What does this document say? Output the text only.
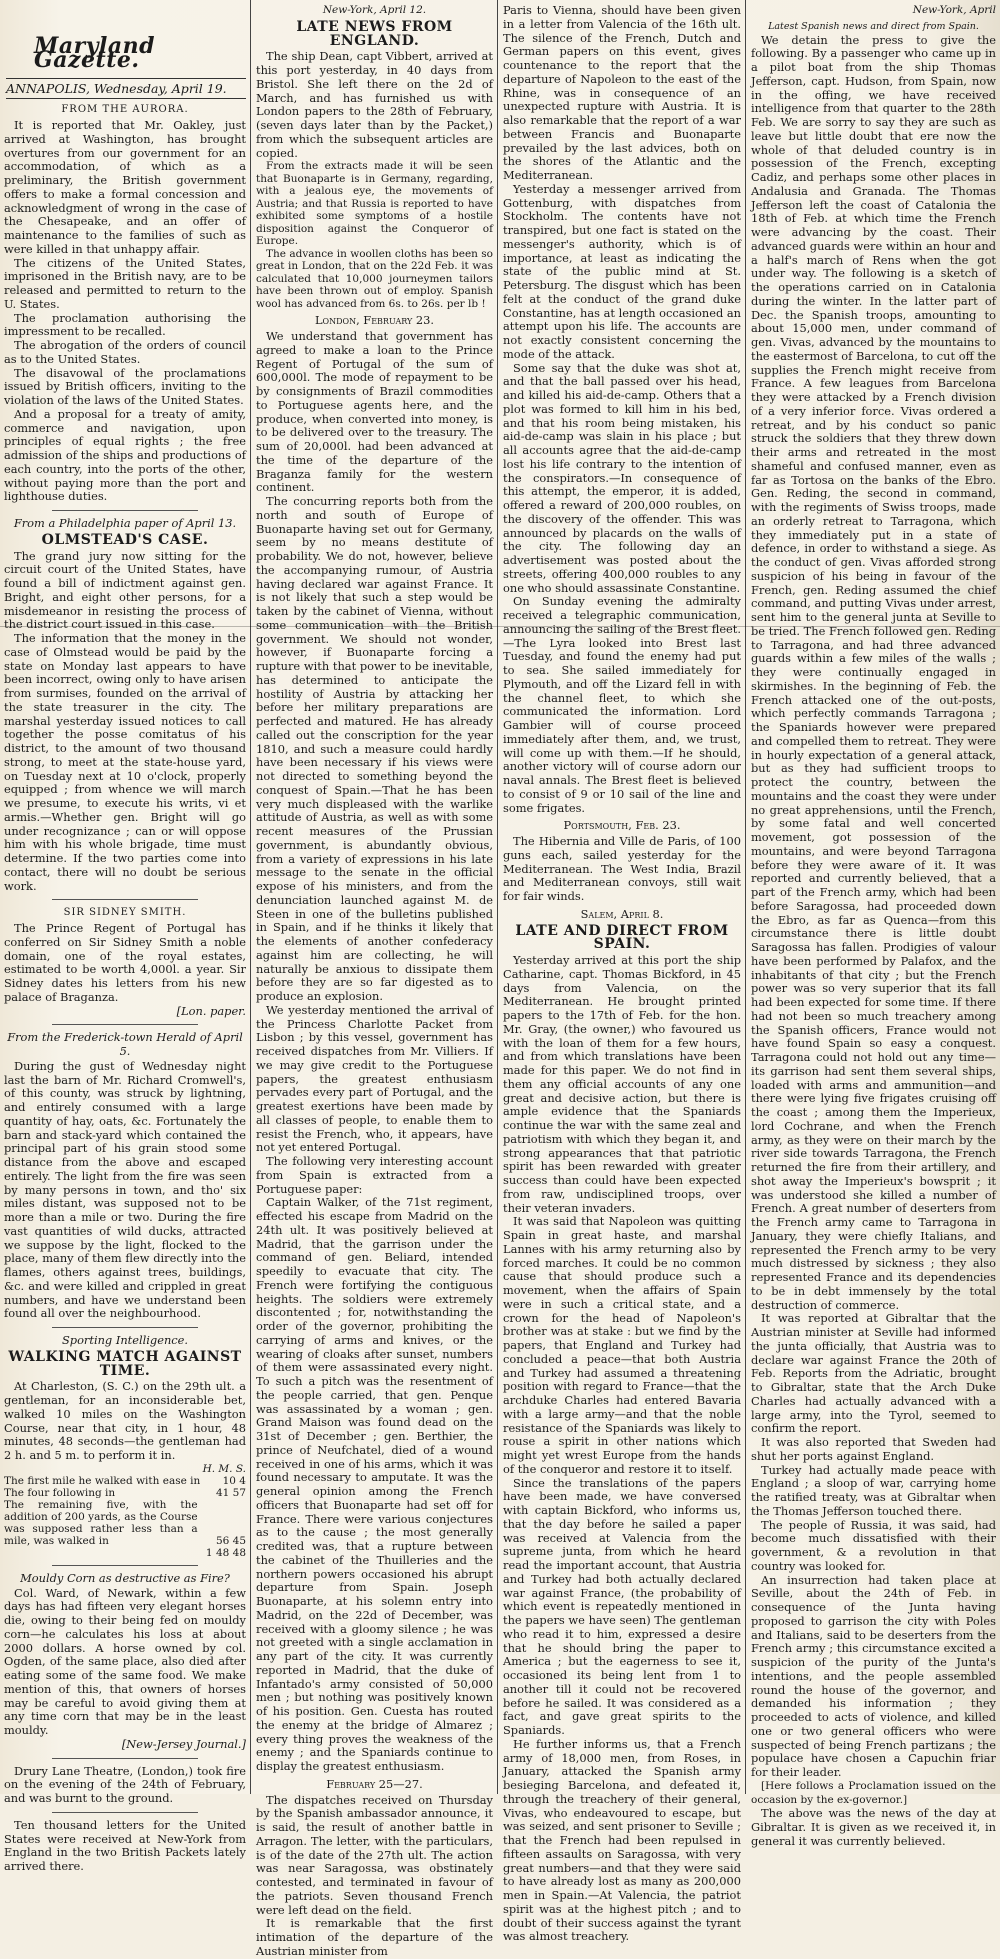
Maryland Gazette.
ANNAPOLIS, Wednesday, April 19.
FROM THE AURORA.

It is reported that Mr. Oakley, just arrived at Washington, has brought overtures from our government for an accommodation, of which as a preliminary, the British government offers to make a formal concession and acknowledgment of wrong in the case of the Chesapeake, and an offer of maintenance to the families of such as were killed in that unhappy affair.

The citizens of the United States, imprisoned in the British navy, are to be released and permitted to return to the U. States.

The proclamation authorising the impressment to be recalled.

The abrogation of the orders of council as to the United States.

The disavowal of the proclamations issued by British officers, inviting to the violation of the laws of the United States.

And a proposal for a treaty of amity, commerce and navigation, upon principles of equal rights ; the free admission of the ships and productions of each country, into the ports of the other, without paying more than the port and lighthouse duties.

From a Philadelphia paper of April 13.
OLMSTEAD'S CASE.

The grand jury now sitting for the circuit court of the United States, have found a bill of indictment against gen. Bright, and eight other persons, for a misdemeanor in resisting the process of the district court issued in this case.

The information that the money in the case of Olmstead would be paid by the state on Monday last appears to have been incorrect, owing only to have arisen from surmises, founded on the arrival of the state treasurer in the city. The marshal yesterday issued notices to call together the posse comitatus of his district, to the amount of two thousand strong, to meet at the state-house yard, on Tuesday next at 10 o'clock, properly equipped ; from whence we will march we presume, to execute his writs, vi et armis.—Whether gen. Bright will go under recognizance ; can or will oppose him with his whole brigade, time must determine. If the two parties come into contact, there will no doubt be serious work.

SIR SIDNEY SMITH.

The Prince Regent of Portugal has conferred on Sir Sidney Smith a noble domain, one of the royal estates, estimated to be worth 4,000l. a year. Sir Sidney dates his letters from his new palace of Braganza.

[Lon. paper.
From the Frederick-town Herald of April 5.

During the gust of Wednesday night last the barn of Mr. Richard Cromwell's, of this county, was struck by lightning, and entirely consumed with a large quantity of hay, oats, &c. Fortunately the barn and stack-yard which contained the principal part of his grain stood some distance from the above and escaped entirely. The light from the fire was seen by many persons in town, and tho' six miles distant, was supposed not to be more than a mile or two. During the fire vast quantities of wild ducks, attracted we suppose by the light, flocked to the place, many of them flew directly into the flames, others against trees, buildings, &c. and were killed and crippled in great numbers, and have we understand been found all over the neighbourhood.

Sporting Intelligence.
WALKING MATCH AGAINST TIME.

At Charleston, (S. C.) on the 29th ult. a gentleman, for an inconsiderable bet, walked 10 miles on the Washington Course, near that city, in 1 hour, 48 minutes, 48 seconds—the gentleman had 2 h. and 5 m. to perform it in.

H. M. S.
The first mile he walked with ease in 10 4
The four following in	41 57
The remaining five, with the addition of 200 yards, as the Course was supposed rather less than a mile, was walked in	56 45
1 48 48
Mouldy Corn as destructive as Fire?

Col. Ward, of Newark, within a few days has had fifteen very elegant horses die, owing to their being fed on mouldy corn—he calculates his loss at about 2000 dollars. A horse owned by col. Ogden, of the same place, also died after eating some of the same food. We make mention of this, that owners of horses may be careful to avoid giving them at any time corn that may be in the least mouldy.

[New-Jersey Journal.]

Drury Lane Theatre, (London,) took fire on the evening of the 24th of February, and was burnt to the ground.

Ten thousand letters for the United States were received at New-York from England in the two British Packets lately arrived there.

New-York, April 12.
LATE NEWS FROM ENGLAND.

The ship Dean, capt Vibbert, arrived at this port yesterday, in 40 days from Bristol. She left there on the 2d of March, and has furnished us with London papers to the 28th of February, (seven days later than by the Packet,) from which the subsequent articles are copied.

From the extracts made it will be seen that Buonaparte is in Germany, regarding, with a jealous eye, the movements of Austria; and that Russia is reported to have exhibited some symptoms of a hostile disposition against the Conqueror of Europe.

The advance in woollen cloths has been so great in London, that on the 22d Feb. it was calculated that 10,000 journeymen tailors have been thrown out of employ. Spanish wool has advanced from 6s. to 26s. per lb !

London, February 23.

We understand that government has agreed to make a loan to the Prince Regent of Portugal of the sum of 600,000l. The mode of repayment to be by consignments of Brazil commodities to Portuguese agents here, and the produce, when converted into money, is to be delivered over to the treasury. The sum of 20,000l. had been advanced at the time of the departure of the Braganza family for the western continent.

The concurring reports both from the north and south of Europe of Buonaparte having set out for Germany, seem by no means destitute of probability. We do not, however, believe the accompanying rumour, of Austria having declared war against France. It is not likely that such a step would be taken by the cabinet of Vienna, without some communication with the British government. We should not wonder, however, if Buonaparte forcing a rupture with that power to be inevitable, has determined to anticipate the hostility of Austria by attacking her before her military preparations are perfected and matured. He has already called out the conscription for the year 1810, and such a measure could hardly have been necessary if his views were not directed to something beyond the conquest of Spain.—That he has been very much displeased with the warlike attitude of Austria, as well as with some recent measures of the Prussian government, is abundantly obvious, from a variety of expressions in his late message to the senate in the official expose of his ministers, and from the denunciation launched against M. de Steen in one of the bulletins published in Spain, and if he thinks it likely that the elements of another confederacy against him are collecting, he will naturally be anxious to dissipate them before they are so far digested as to produce an explosion.

We yesterday mentioned the arrival of the Princess Charlotte Packet from Lisbon ; by this vessel, government has received dispatches from Mr. Villiers. If we may give credit to the Portuguese papers, the greatest enthusiasm pervades every part of Portugal, and the greatest exertions have been made by all classes of people, to enable them to resist the French, who, it appears, have not yet entered Portugal.

The following very interesting account from Spain is extracted from a Portuguese paper:

Captain Walker, of the 71st regiment, effected his escape from Madrid on the 24th ult. It was positively believed at Madrid, that the garrison under the command of gen. Beliard, intended speedily to evacuate that city. The French were fortifying the contiguous heights. The soldiers were extremely discontented ; for, notwithstanding the order of the governor, prohibiting the carrying of arms and knives, or the wearing of cloaks after sunset, numbers of them were assassinated every night. To such a pitch was the resentment of the people carried, that gen. Penque was assassinated by a woman ; gen. Grand Maison was found dead on the 31st of December ; gen. Berthier, the prince of Neufchatel, died of a wound received in one of his arms, which it was found necessary to amputate. It was the general opinion among the French officers that Buonaparte had set off for France. There were various conjectures as to the cause ; the most generally credited was, that a rupture between the cabinet of the Thuilleries and the northern powers occasioned his abrupt departure from Spain. Joseph Buonaparte, at his solemn entry into Madrid, on the 22d of December, was received with a gloomy silence ; he was not greeted with a single acclamation in any part of the city. It was currently reported in Madrid, that the duke of Infantado's army consisted of 50,000 men ; but nothing was positively known of his position. Gen. Cuesta has routed the enemy at the bridge of Almarez ; every thing proves the weakness of the enemy ; and the Spaniards continue to display the greatest enthusiasm.

February 25—27.

The dispatches received on Thursday by the Spanish ambassador announce, it is said, the result of another battle in Arragon. The letter, with the particulars, is of the date of the 27th ult. The action was near Saragossa, was obstinately contested, and terminated in favour of the patriots. Seven thousand French were left dead on the field.

It is remarkable that the first intimation of the departure of the Austrian minister from

Paris to Vienna, should have been given in a letter from Valencia of the 16th ult. The silence of the French, Dutch and German papers on this event, gives countenance to the report that the departure of Napoleon to the east of the Rhine, was in consequence of an unexpected rupture with Austria. It is also remarkable that the report of a war between Francis and Buonaparte prevailed by the last advices, both on the shores of the Atlantic and the Mediterranean.

Yesterday a messenger arrived from Gottenburg, with dispatches from Stockholm. The contents have not transpired, but one fact is stated on the messenger's authority, which is of importance, at least as indicating the state of the public mind at St. Petersburg. The disgust which has been felt at the conduct of the grand duke Constantine, has at length occasioned an attempt upon his life. The accounts are not exactly consistent concerning the mode of the attack.

Some say that the duke was shot at, and that the ball passed over his head, and killed his aid-de-camp. Others that a plot was formed to kill him in his bed, and that his room being mistaken, his aid-de-camp was slain in his place ; but all accounts agree that the aid-de-camp lost his life contrary to the intention of the conspirators.—In consequence of this attempt, the emperor, it is added, offered a reward of 200,000 roubles, on the discovery of the offender. This was announced by placards on the walls of the city. The following day an advertisement was posted about the streets, offering 400,000 roubles to any one who should assassinate Constantine.

On Sunday evening the admiralty received a telegraphic communication, announcing the sailing of the Brest fleet.—The Lyra looked into Brest last Tuesday, and found the enemy had put to sea. She sailed immediately for Plymouth, and off the Lizard fell in with the channel fleet, to which she communicated the information. Lord Gambier will of course proceed immediately after them, and, we trust, will come up with them.—If he should, another victory will of course adorn our naval annals. The Brest fleet is believed to consist of 9 or 10 sail of the line and some frigates.

Portsmouth, Feb. 23.

The Hibernia and Ville de Paris, of 100 guns each, sailed yesterday for the Mediterranean. The West India, Brazil and Mediterranean convoys, still wait for fair winds.

Salem, April 8.
LATE AND DIRECT FROM SPAIN.

Yesterday arrived at this port the ship Catharine, capt. Thomas Bickford, in 45 days from Valencia, on the Mediterranean. He brought printed papers to the 17th of Feb. for the hon. Mr. Gray, (the owner,) who favoured us with the loan of them for a few hours, and from which translations have been made for this paper. We do not find in them any official accounts of any one great and decisive action, but there is ample evidence that the Spaniards continue the war with the same zeal and patriotism with which they began it, and strong appearances that that patriotic spirit has been rewarded with greater success than could have been expected from raw, undisciplined troops, over their veteran invaders.

It was said that Napoleon was quitting Spain in great haste, and marshal Lannes with his army returning also by forced marches. It could be no common cause that should produce such a movement, when the affairs of Spain were in such a critical state, and a crown for the head of Napoleon's brother was at stake : but we find by the papers, that England and Turkey had concluded a peace—that both Austria and Turkey had assumed a threatening position with regard to France—that the archduke Charles had entered Bavaria with a large army—and that the noble resistance of the Spaniards was likely to rouse a spirit in other nations which might yet wrest Europe from the hands of the conqueror and restore it to itself.

Since the translations of the papers have been made, we have conversed with captain Bickford, who informs us, that the day before he sailed a paper was received at Valencia from the supreme junta, from which he heard read the important account, that Austria and Turkey had both actually declared war against France, (the probability of which event is repeatedly mentioned in the papers we have seen) The gentleman who read it to him, expressed a desire that he should bring the paper to America ; but the eagerness to see it, occasioned its being lent from 1 to another till it could not be recovered before he sailed. It was considered as a fact, and gave great spirits to the Spaniards.

He further informs us, that a French army of 18,000 men, from Roses, in January, attacked the Spanish army besieging Barcelona, and defeated it, through the treachery of their general, Vivas, who endeavoured to escape, but was seized, and sent prisoner to Seville ; that the French had been repulsed in fifteen assaults on Saragossa, with very great numbers—and that they were said to have already lost as many as 200,000 men in Spain.—At Valencia, the patriot spirit was at the highest pitch ; and to doubt of their success against the tyrant was almost treachery.

New-York, April
Latest Spanish news and direct from Spain.

We detain the press to give the following. By a passenger who came up in a pilot boat from the ship Thomas Jefferson, capt. Hudson, from Spain, now in the offing, we have received intelligence from that quarter to the 28th Feb. We are sorry to say they are such as leave but little doubt that ere now the whole of that deluded country is in possession of the French, excepting Cadiz, and perhaps some other places in Andalusia and Granada. The Thomas Jefferson left the coast of Catalonia the 18th of Feb. at which time the French were advancing by the coast. Their advanced guards were within an hour and a half's march of Rens when the got under way. The following is a sketch of the operations carried on in Catalonia during the winter. In the latter part of Dec. the Spanish troops, amounting to about 15,000 men, under command of gen. Vivas, advanced by the mountains to the eastermost of Barcelona, to cut off the supplies the French might receive from France. A few leagues from Barcelona they were attacked by a French division of a very inferior force. Vivas ordered a retreat, and by his conduct so panic struck the soldiers that they threw down their arms and retreated in the most shameful and confused manner, even as far as Tortosa on the banks of the Ebro. Gen. Reding, the second in command, with the regiments of Swiss troops, made an orderly retreat to Tarragona, which they immediately put in a state of defence, in order to withstand a siege. As the conduct of gen. Vivas afforded strong suspicion of his being in favour of the French, gen. Reding assumed the chief command, and putting Vivas under arrest, sent him to the general junta at Seville to be tried. The French followed gen. Reding to Tarragona, and had three advanced guards within a few miles of the walls ; they were continually engaged in skirmishes. In the beginning of Feb. the French attacked one of the out-posts, which perfectly commands Tarragona ; the Spaniards however were prepared and compelled them to retreat. They were in hourly expectation of a general attack, but as they had sufficient troops to protect the country, between the mountains and the coast they were under no great apprehensions, until the French, by some fatal and well concerted movement, got possession of the mountains, and were beyond Tarragona before they were aware of it. It was reported and currently believed, that a part of the French army, which had been before Saragossa, had proceeded down the Ebro, as far as Quenca—from this circumstance there is little doubt Saragossa has fallen. Prodigies of valour have been performed by Palafox, and the inhabitants of that city ; but the French power was so very superior that its fall had been expected for some time. If there had not been so much treachery among the Spanish officers, France would not have found Spain so easy a conquest. Tarragona could not hold out any time—its garrison had sent them several ships, loaded with arms and ammunition—and there were lying five frigates cruising off the coast ; among them the Imperieux, lord Cochrane, and when the French army, as they were on their march by the river side towards Tarragona, the French returned the fire from their artillery, and shot away the Imperieux's bowsprit ; it was understood she killed a number of French. A great number of deserters from the French army came to Tarragona in January, they were chiefly Italians, and represented the French army to be very much distressed by sickness ; they also represented France and its dependencies to be in debt immensely by the total destruction of commerce.

It was reported at Gibraltar that the Austrian minister at Seville had informed the junta officially, that Austria was to declare war against France the 20th of Feb. Reports from the Adriatic, brought to Gibraltar, state that the Arch Duke Charles had actually advanced with a large army, into the Tyrol, seemed to confirm the report.

It was also reported that Sweden had shut her ports against England.

Turkey had actually made peace with England ; a sloop of war, carrying home the ratified treaty, was at Gibraltar when the Thomas Jefferson touched there.

The people of Russia, it was said, had become much dissatisfied with their government, & a revolution in that country was looked for.

An insurrection had taken place at Seville, about the 24th of Feb. in consequence of the Junta having proposed to garrison the city with Poles and Italians, said to be deserters from the French army ; this circumstance excited a suspicion of the purity of the Junta's intentions, and the people assembled round the house of the governor, and demanded his information ; they proceeded to acts of violence, and killed one or two general officers who were suspected of being French partizans ; the populace have chosen a Capuchin friar for their leader.

[Here follows a Proclamation issued on the occasion by the ex-governor.]

The above was the news of the day at Gibraltar. It is given as we received it, in general it was currently believed.
